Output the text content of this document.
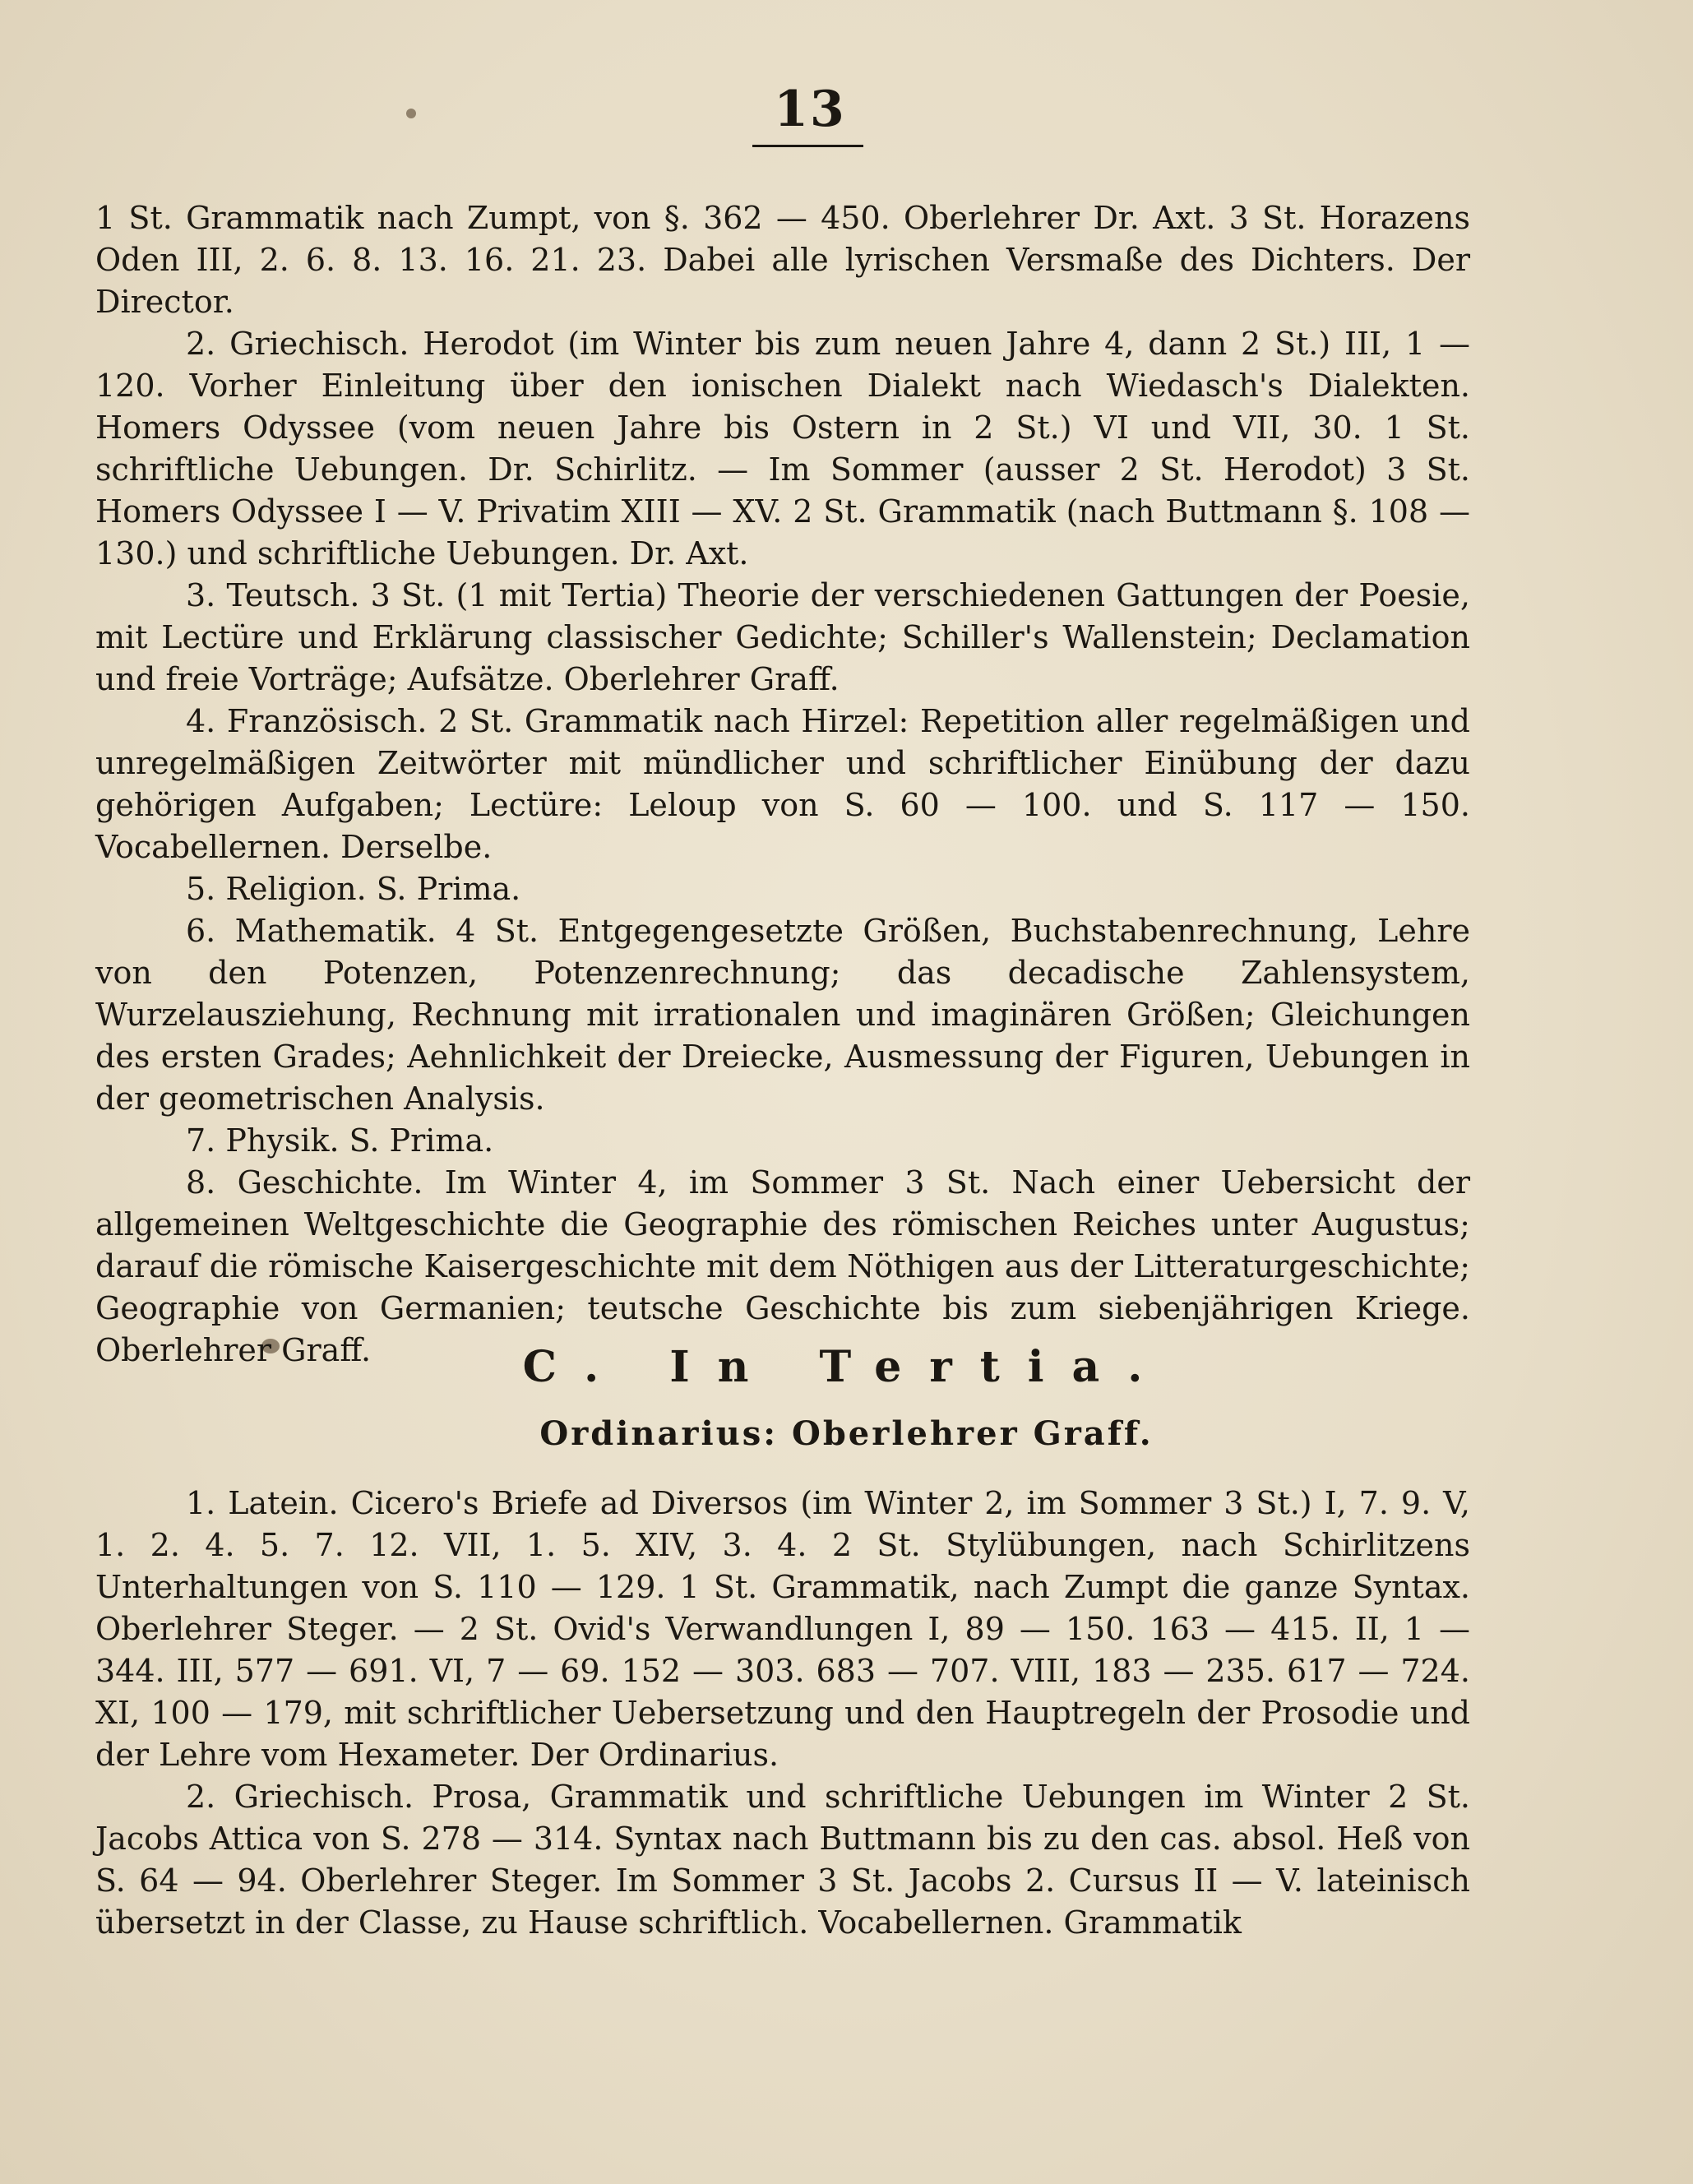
13

1 St. Grammatik nach Zumpt, von §. 362 — 450. Oberlehrer Dr. Axt. 3 St. Horazens Oden III, 2. 6. 8. 13. 16. 21. 23. Dabei alle lyrischen Versmaße des Dichters. Der Director.

2. Griechisch. Herodot (im Winter bis zum neuen Jahre 4, dann 2 St.) III, 1 — 120. Vorher Einleitung über den ionischen Dialekt nach Wiedasch's Dialekten. Homers Odyssee (vom neuen Jahre bis Ostern in 2 St.) VI und VII, 30. 1 St. schriftliche Uebungen. Dr. Schirlitz. — Im Sommer (ausser 2 St. Herodot) 3 St. Homers Odyssee I — V. Privatim XIII — XV. 2 St. Grammatik (nach Buttmann §. 108 — 130.) und schriftliche Uebungen. Dr. Axt.

3. Teutsch. 3 St. (1 mit Tertia) Theorie der verschiedenen Gattungen der Poesie, mit Lectüre und Erklärung classischer Gedichte; Schiller's Wallenstein; Declamation und freie Vorträge; Aufsätze. Oberlehrer Graff.

4. Französisch. 2 St. Grammatik nach Hirzel: Repetition aller regelmäßigen und unregelmäßigen Zeitwörter mit mündlicher und schriftlicher Einübung der dazu gehörigen Aufgaben; Lectüre: Leloup von S. 60 — 100. und S. 117 — 150. Vocabellernen. Derselbe.

5. Religion. S. Prima.

6. Mathematik. 4 St. Entgegengesetzte Größen, Buchstabenrechnung, Lehre von den Potenzen, Potenzenrechnung; das decadische Zahlensystem, Wurzelausziehung, Rechnung mit irrationalen und imaginären Größen; Gleichungen des ersten Grades; Aehnlichkeit der Dreiecke, Ausmessung der Figuren, Uebungen in der geometrischen Analysis.

7. Physik. S. Prima.

8. Geschichte. Im Winter 4, im Sommer 3 St. Nach einer Uebersicht der allgemeinen Weltgeschichte die Geographie des römischen Reiches unter Augustus; darauf die römische Kaisergeschichte mit dem Nöthigen aus der Litteraturgeschichte; Geographie von Germanien; teutsche Geschichte bis zum siebenjährigen Kriege. Oberlehrer Graff.	C. In Tertia.
Ordinarius: Oberlehrer Graff.

1. Latein. Cicero's Briefe ad Diversos (im Winter 2, im Sommer 3 St.) I, 7. 9. V, 1. 2. 4. 5. 7. 12. VII, 1. 5. XIV, 3. 4. 2 St. Stylübungen, nach Schirlitzens Unterhaltungen von S. 110 — 129. 1 St. Grammatik, nach Zumpt die ganze Syntax. Oberlehrer Steger. — 2 St. Ovid's Verwandlungen I, 89 — 150. 163 — 415. II, 1 — 344. III, 577 — 691. VI, 7 — 69. 152 — 303. 683 — 707. VIII, 183 — 235. 617 — 724. XI, 100 — 179, mit schriftlicher Uebersetzung und den Hauptregeln der Prosodie und der Lehre vom Hexameter. Der Ordinarius.

2. Griechisch. Prosa, Grammatik und schriftliche Uebungen im Winter 2 St. Jacobs Attica von S. 278 — 314. Syntax nach Buttmann bis zu den cas. absol. Heß von S. 64 — 94. Oberlehrer Steger. Im Sommer 3 St. Jacobs 2. Cursus II — V. lateinisch übersetzt in der Classe, zu Hause schriftlich. Vocabellernen. Grammatik
